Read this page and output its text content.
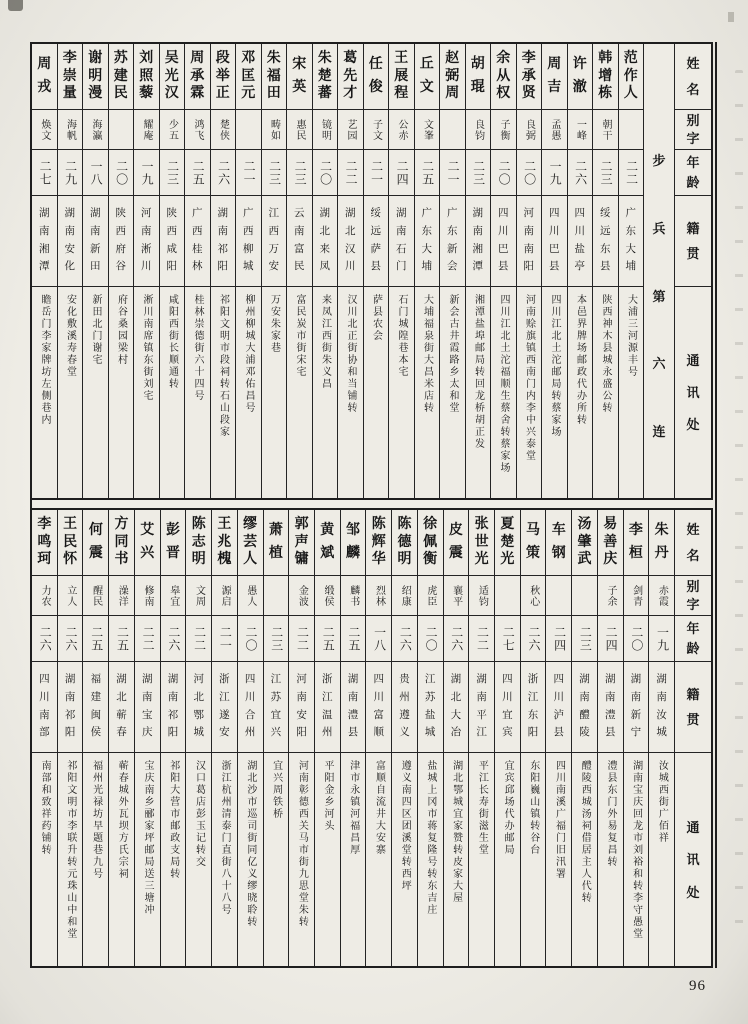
姓
名
别
字
年
龄
籍
贯
通
讯
处
步
兵
第
六
连
范
作
人
二二
广
东
大
埔
大浦三河源丰号
韩
增
栋
朝干
二三
绥
远
东
县
陕西神木县城永盛公转
许
澈
一峰
二六
四
川
盐
亭
本邑界牌场邮政代办所转
周
吉
孟愚
一九
四
川
巴
县
四川江北土沱邮局转蔡家场
李
承
贤
良弼
二〇
河
南
南
阳
河南赊旗镇西南门内李中兴泰堂
余
从
权
子衡
二〇
四
川
巴
县
四川江北土沱福顺生蔡舍转蔡家场
胡
琨
良钧
二三
湖
南
湘
潭
湘潭盐埠邮局转回龙桥胡正发
赵
弼
周
二一
广
东
新
会
新会古井霞路乡太和堂
丘
文
文峯
二五
广
东
大
埔
大埔福泉街大昌米店转
王
展
程
公赤
二四
湖
南
石
门
石门城隍巷本宅
任
俊
子文
二一
绥
远
萨
县
萨县农会
葛
先
才
艺园
二二
湖
北
汉
川
汉川北正街协和当铺转
朱
楚
蕃
镜明
二〇
湖
北
来
凤
来凤江西街朱义昌
宋
英
惠民
二三
云
南
富
民
富民炭市街宋宅
朱
福
田
畴如
二三
江
西
万
安
万安朱家巷
邓
匡
元
二一
广
西
柳
城
柳州柳城大浦邓佑昌号
段
举
正
楚侠
二六
湖
南
祁
阳
祁阳文明市段祠转石山段家
周
承
霖
鸿飞
二五
广
西
桂
林
桂林崇德街六十四号
吴
光
汉
少五
二三
陕
西
咸
阳
咸阳西街长顺通转
刘
照
藜
耀庵
一九
河
南
淅
川
淅川南席镇东街刘宅
苏
建
民
二〇
陕
西
府
谷
府谷桑园梁村
谢
明
漫
海瀛
一八
湖
南
新
田
新田北门谢宅
李
崇
量
海帆
二九
湖
南
安
化
安化敷溪寿春堂
周
戎
焕文
二七
湖
南
湘
潭
瞻岳门李家牌坊左侧巷内
姓
名
别
字
年
龄
籍
贯
通
讯
处
朱
丹
赤霞
一九
湖
南
汝
城
汝城西街广佰祥
李
桓
剑青
二〇
湖
南
新
宁
湖南宝庆回龙市刘裕和转李守愚堂
易
善
庆
子余
二四
湖
南
澧
县
澧县东门外易复昌转
汤
肇
武
二三
湖
南
醴
陵
醴陵西城汤祠借居主人代转
车
钢
二四
四
川
泸
县
四川南溪广福门旧汛署
马
策
秋心
二六
浙
江
东
阳
东阳巍山镇转谷台
夏
楚
光
二七
四
川
宜
宾
宜宾邱场代办邮局
张
世
光
适钧
二二
湖
南
平
江
平江长寿街滋生堂
皮
震
襄平
二六
湖
北
大
冶
湖北鄂城宜家赞转皮家大屋
徐
佩
衡
虎臣
二〇
江
苏
盐
城
盐城上冈市蒋复隆号转东吉庄
陈
德
明
绍康
二六
贵
州
遵
义
遵义南四区团溪堂转西坪
陈
辉
华
烈林
一八
四
川
富
顺
富顺自流井大安寨
邹
麟
麟书
二五
湖
南
澧
县
津市永镇河福昌厚
黄
斌
缎侯
二五
浙
江
温
州
平阳金乡河头
郭
声
镛
金波
二二
河
南
安
阳
河南彰德西关马市街九思堂朱转
萧
植
二三
江
苏
宜
兴
宜兴周铁桥
缪
芸
人
愚人
二〇
四
川
合
州
湖北沙市巡司街同亿义缪晓聆转
王
兆
槐
源启
二一
浙
江
遂
安
浙江杭州清泰门直街八十八号
陈
志
明
文周
二二
河
北
鄂
城
汉口葛店彭玉记转交
彭
晋
皋宜
二六
湖
南
祁
阳
祁阳大营市邮政支局转
艾
兴
修南
二二
湖
南
宝
庆
宝庆南乡郦家坪邮局送三塘冲
方
同
书
澡洋
二五
湖
北
蕲
春
蕲春城外瓦坝方氏宗祠
何
震
醒民
二五
福
建
闽
侯
福州光禄坊早题巷九号
王
民
怀
立人
二六
湖
南
祁
阳
祁阳文明市李联升转元珠山中和堂
李
鸣
珂
力农
二六
四
川
南
部
南部和致祥药铺转
96
